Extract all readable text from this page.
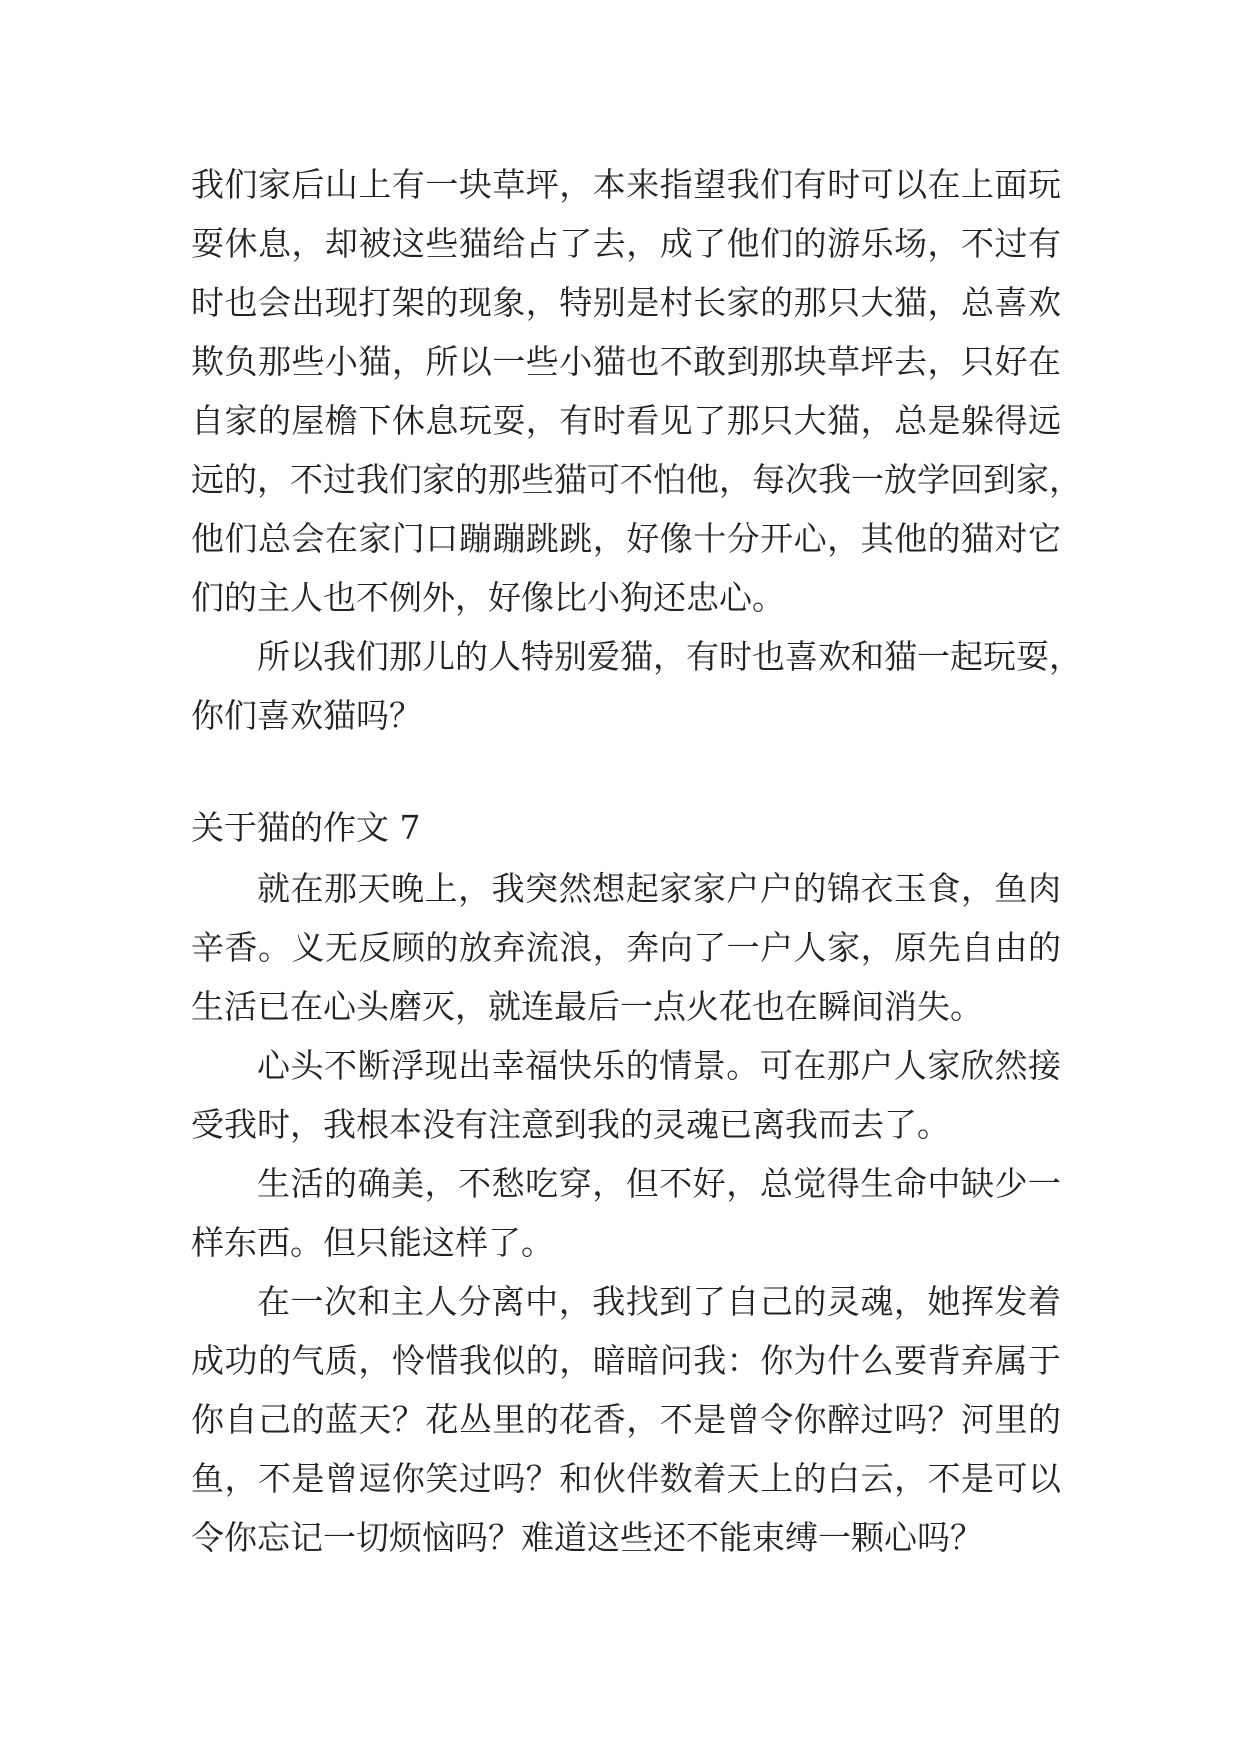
我们家后山上有一块草坪，本来指望我们有时可以在上面玩
耍休息，却被这些猫给占了去，成了他们的游乐场，不过有
时也会出现打架的现象，特别是村长家的那只大猫，总喜欢
欺负那些小猫，所以一些小猫也不敢到那块草坪去，只好在
自家的屋檐下休息玩耍，有时看见了那只大猫，总是躲得远
远的，不过我们家的那些猫可不怕他，每次我一放学回到家，
他们总会在家门口蹦蹦跳跳，好像十分开心，其他的猫对它
们的主人也不例外，好像比小狗还忠心。
所以我们那儿的人特别爱猫，有时也喜欢和猫一起玩耍，
你们喜欢猫吗？
关于猫的作文 7
就在那天晚上，我突然想起家家户户的锦衣玉食，鱼肉
辛香。义无反顾的放弃流浪，奔向了一户人家，原先自由的
生活已在心头磨灭，就连最后一点火花也在瞬间消失。
心头不断浮现出幸福快乐的情景。可在那户人家欣然接
受我时，我根本没有注意到我的灵魂已离我而去了。
生活的确美，不愁吃穿，但不好，总觉得生命中缺少一
样东西。但只能这样了。
在一次和主人分离中，我找到了自己的灵魂，她挥发着
成功的气质，怜惜我似的，暗暗问我：你为什么要背弃属于
你自己的蓝天？花丛里的花香，不是曾令你醉过吗？河里的
鱼，不是曾逗你笑过吗？和伙伴数着天上的白云，不是可以
令你忘记一切烦恼吗？难道这些还不能束缚一颗心吗？
